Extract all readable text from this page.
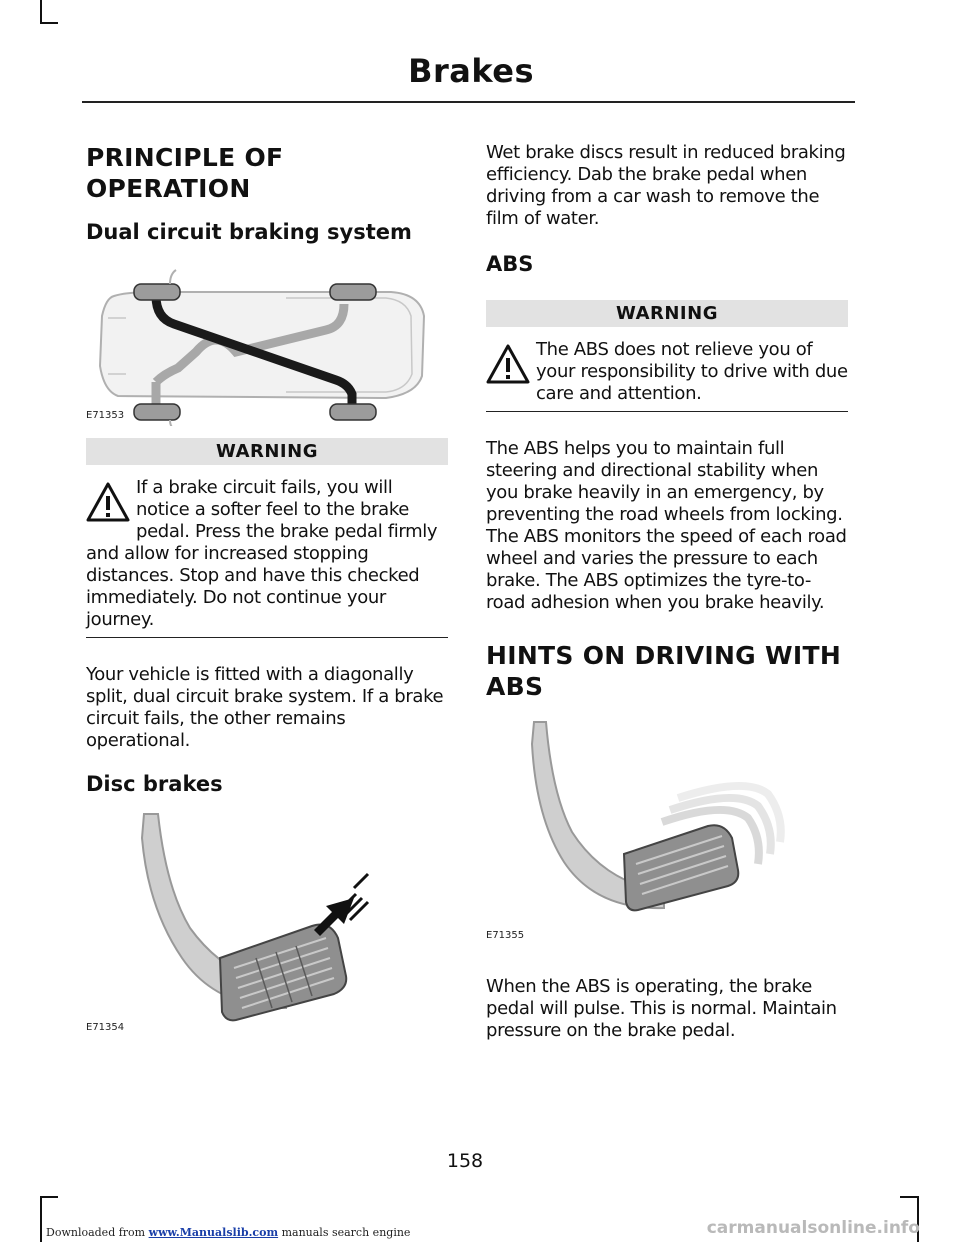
Brakes
PRINCIPLE OF OPERATION
Dual circuit braking system
E71353
WARNING

If a brake circuit fails, you will notice a softer feel to the brake pedal. Press the brake pedal firmly and allow for increased stopping distances. Stop and have this checked immediately. Do not continue your journey.

Your vehicle is fitted with a diagonally split, dual circuit brake system. If a brake circuit fails, the other remains operational.

Disc brakes
E71354

Wet brake discs result in reduced braking efficiency. Dab the brake pedal when driving from a car wash to remove the film of water.

ABS
WARNING

The ABS does not relieve you of your responsibility to drive with due care and attention.

The ABS helps you to maintain full steering and directional stability when you brake heavily in an emergency, by preventing the road wheels from locking. The ABS monitors the speed of each road wheel and varies the pressure to each brake. The ABS optimizes the tyre-to-road adhesion when you brake heavily.

HINTS ON DRIVING WITH ABS
E71355

When the ABS is operating, the brake pedal will pulse. This is normal. Maintain pressure on the brake pedal.

158
Downloaded from www.Manualslib.com manuals search engine	carmanualsonline.info
